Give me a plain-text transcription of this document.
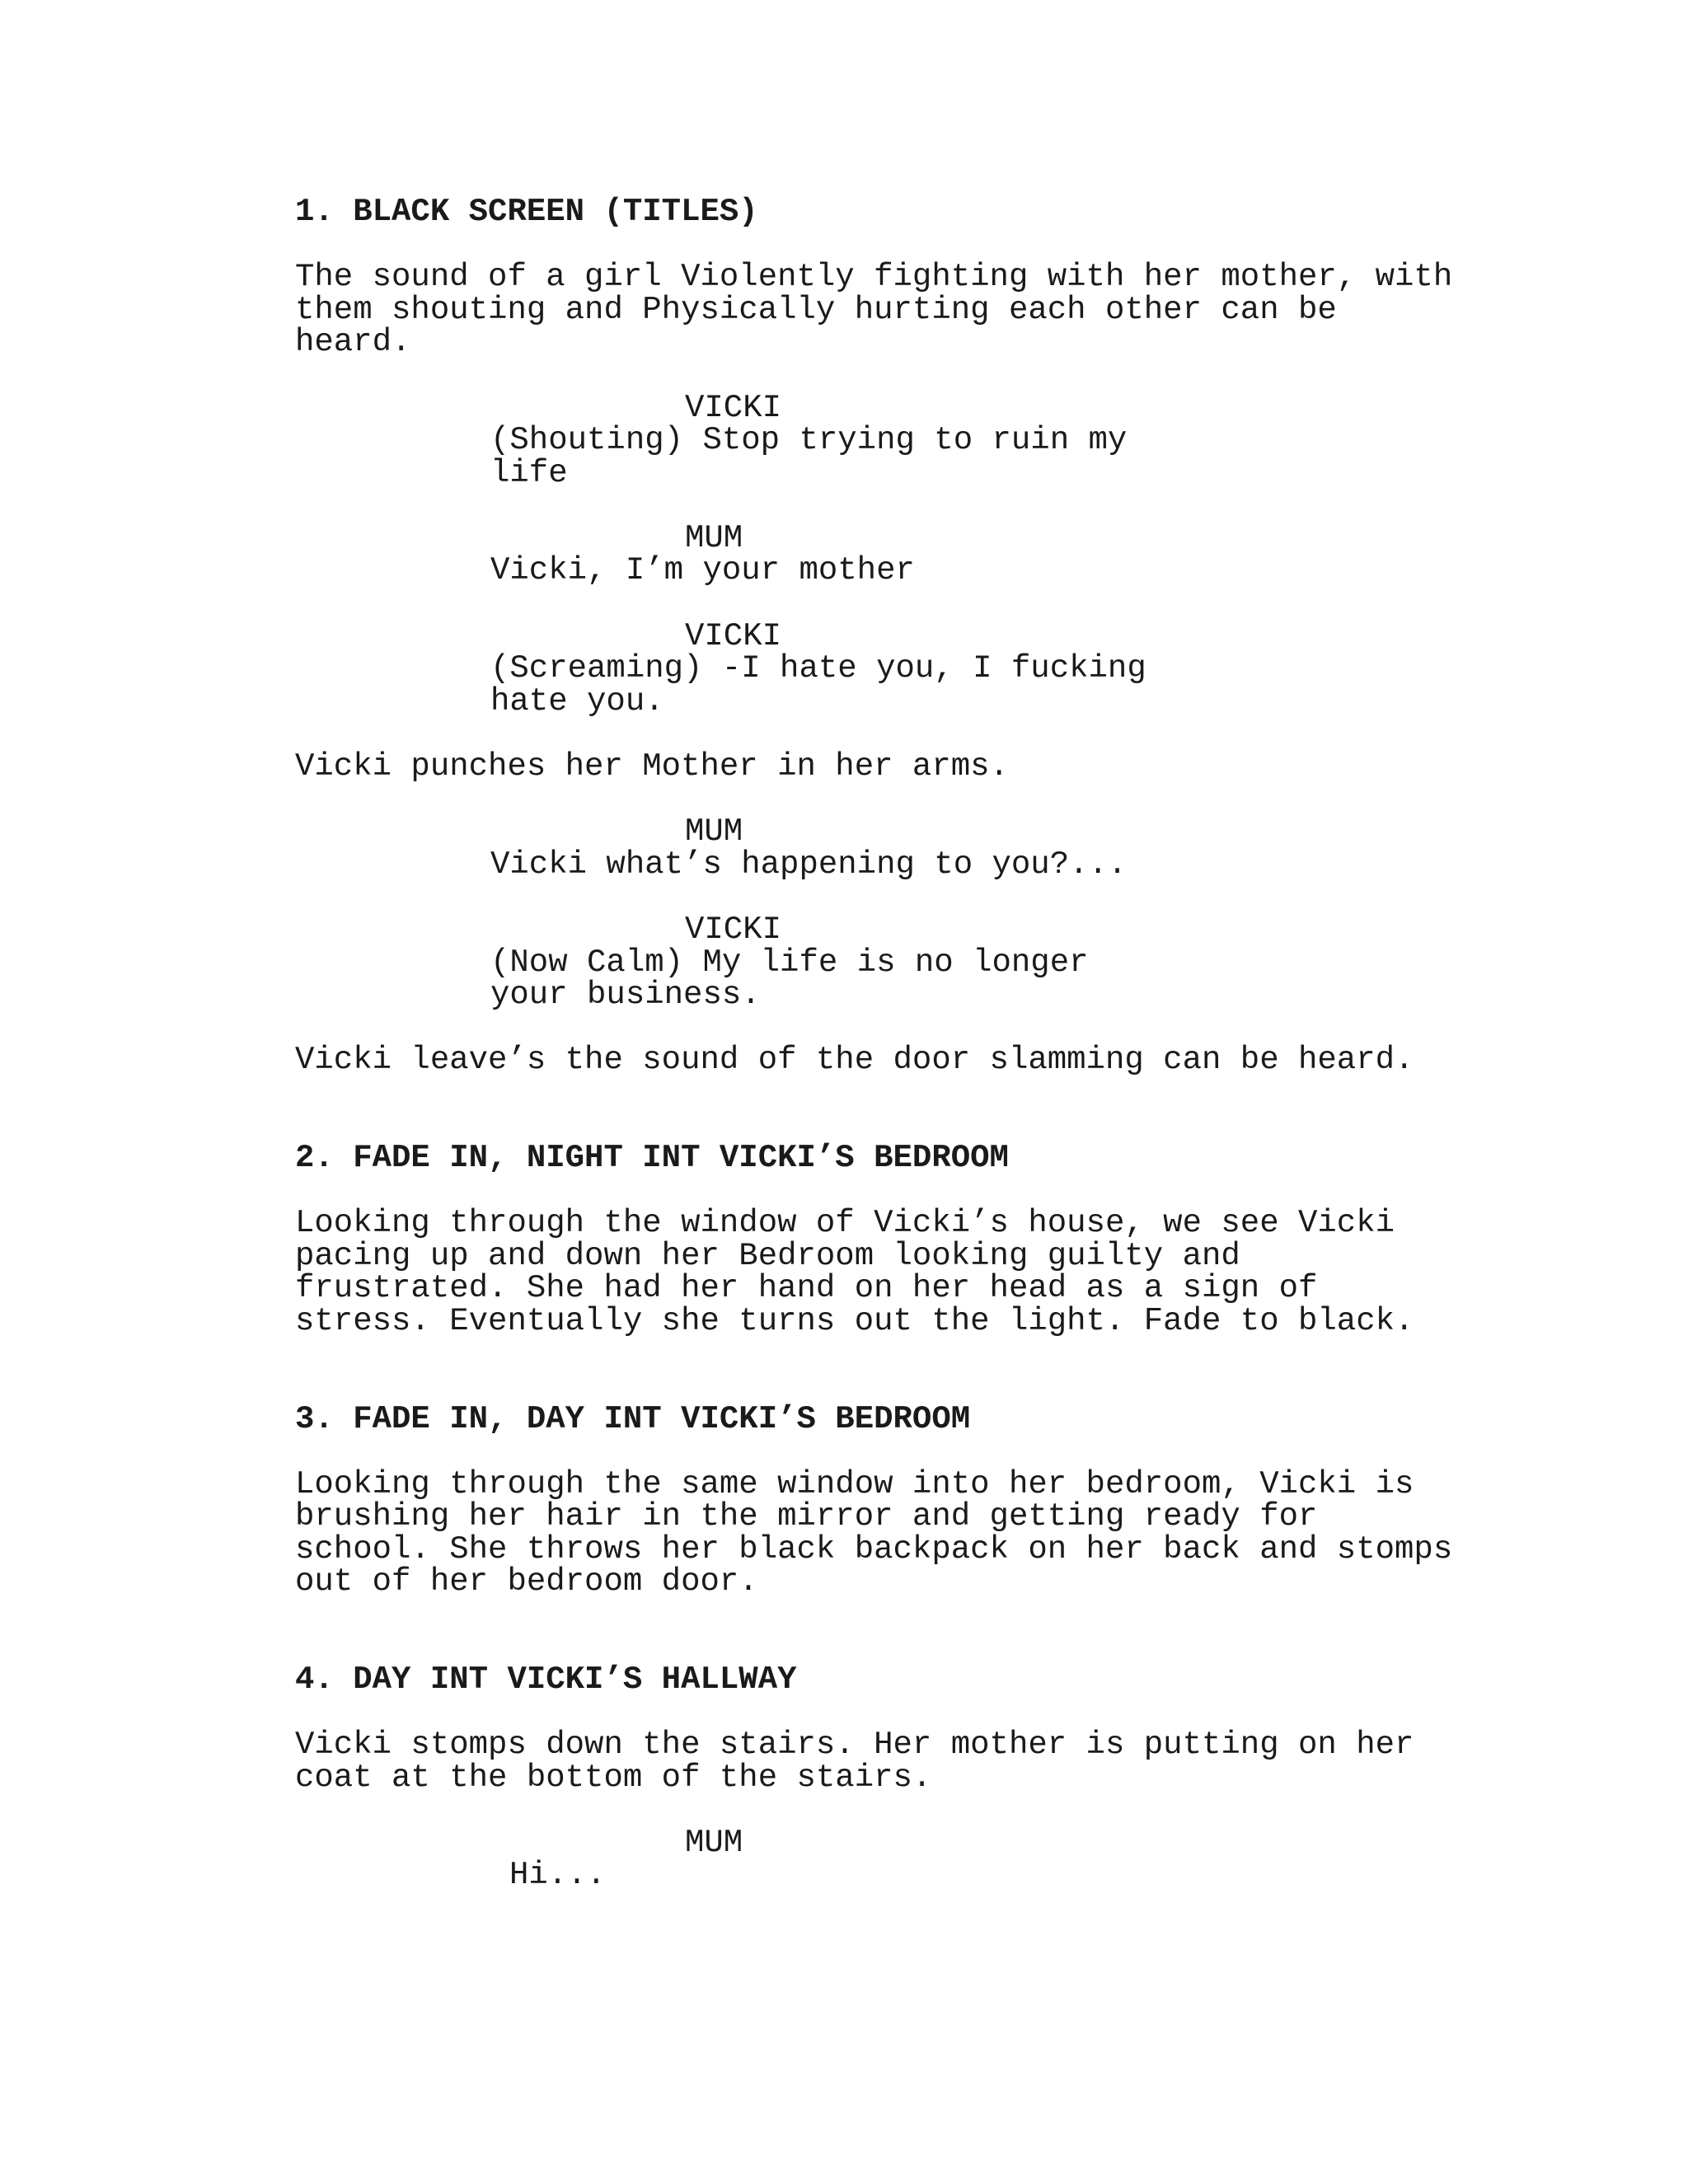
1. BLACK SCREEN (TITLES)
The sound of a girl Violently fighting with her mother, with
them shouting and Physically hurting each other can be
heard.
VICKI
(Shouting) Stop trying to ruin my
life
MUM
Vicki, I’m your mother
VICKI
(Screaming) -I hate you, I fucking
hate you.
Vicki punches her Mother in her arms.
MUM
Vicki what’s happening to you?...
VICKI
(Now Calm) My life is no longer
your business.
Vicki leave’s the sound of the door slamming can be heard.
2. FADE IN, NIGHT INT VICKI’S BEDROOM
Looking through the window of Vicki’s house, we see Vicki
pacing up and down her Bedroom looking guilty and
frustrated. She had her hand on her head as a sign of
stress. Eventually she turns out the light. Fade to black.
3. FADE IN, DAY INT VICKI’S BEDROOM
Looking through the same window into her bedroom, Vicki is
brushing her hair in the mirror and getting ready for
school. She throws her black backpack on her back and stomps
out of her bedroom door.
4. DAY INT VICKI’S HALLWAY
Vicki stomps down the stairs. Her mother is putting on her
coat at the bottom of the stairs.
MUM
Hi...
